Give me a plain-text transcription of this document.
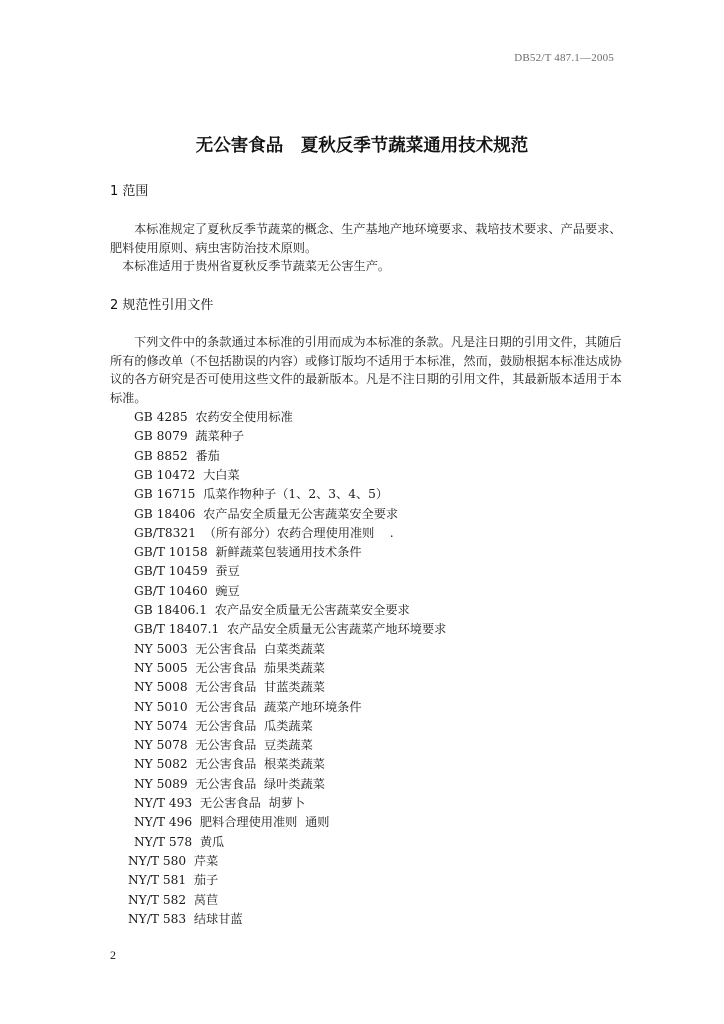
DB52/T 487.1—2005
无公害食品　夏秋反季节蔬菜通用技术规范
1 范围

本标准规定了夏秋反季节蔬菜的概念、生产基地产地环境要求、栽培技术要求、产品要求、肥料使用原则、病虫害防治技术原则。

本标准适用于贵州省夏秋反季节蔬菜无公害生产。

2 规范性引用文件

下列文件中的条款通过本标准的引用而成为本标准的条款。凡是注日期的引用文件，其随后所有的修改单（不包括勘误的内容）或修订版均不适用于本标准，然而，鼓励根据本标准达成协议的各方研究是否可使用这些文件的最新版本。凡是不注日期的引用文件，其最新版本适用于本标准。

GB 4285  农药安全使用标准
GB 8079  蔬菜种子
GB 8852  番茄
GB 10472  大白菜
GB 16715  瓜菜作物种子（1、2、3、4、5）
GB 18406  农产品安全质量无公害蔬菜安全要求
GB/T8321  （所有部分）农药合理使用准则    .
GB/T 10158  新鲜蔬菜包装通用技术条件
GB/T 10459  蚕豆
GB/T 10460  豌豆
GB 18406.1  农产品安全质量无公害蔬菜安全要求
GB/T 18407.1  农产品安全质量无公害蔬菜产地环境要求
NY 5003  无公害食品  白菜类蔬菜
NY 5005  无公害食品  茄果类蔬菜
NY 5008  无公害食品  甘蓝类蔬菜
NY 5010  无公害食品  蔬菜产地环境条件
NY 5074  无公害食品  瓜类蔬菜
NY 5078  无公害食品  豆类蔬菜
NY 5082  无公害食品  根菜类蔬菜
NY 5089  无公害食品  绿叶类蔬菜
NY/T 493  无公害食品  胡萝卜
NY/T 496  肥料合理使用准则  通则
NY/T 578  黄瓜
NY/T 580  芹菜
NY/T 581  茄子
NY/T 582  莴苣
NY/T 583  结球甘蓝
2
